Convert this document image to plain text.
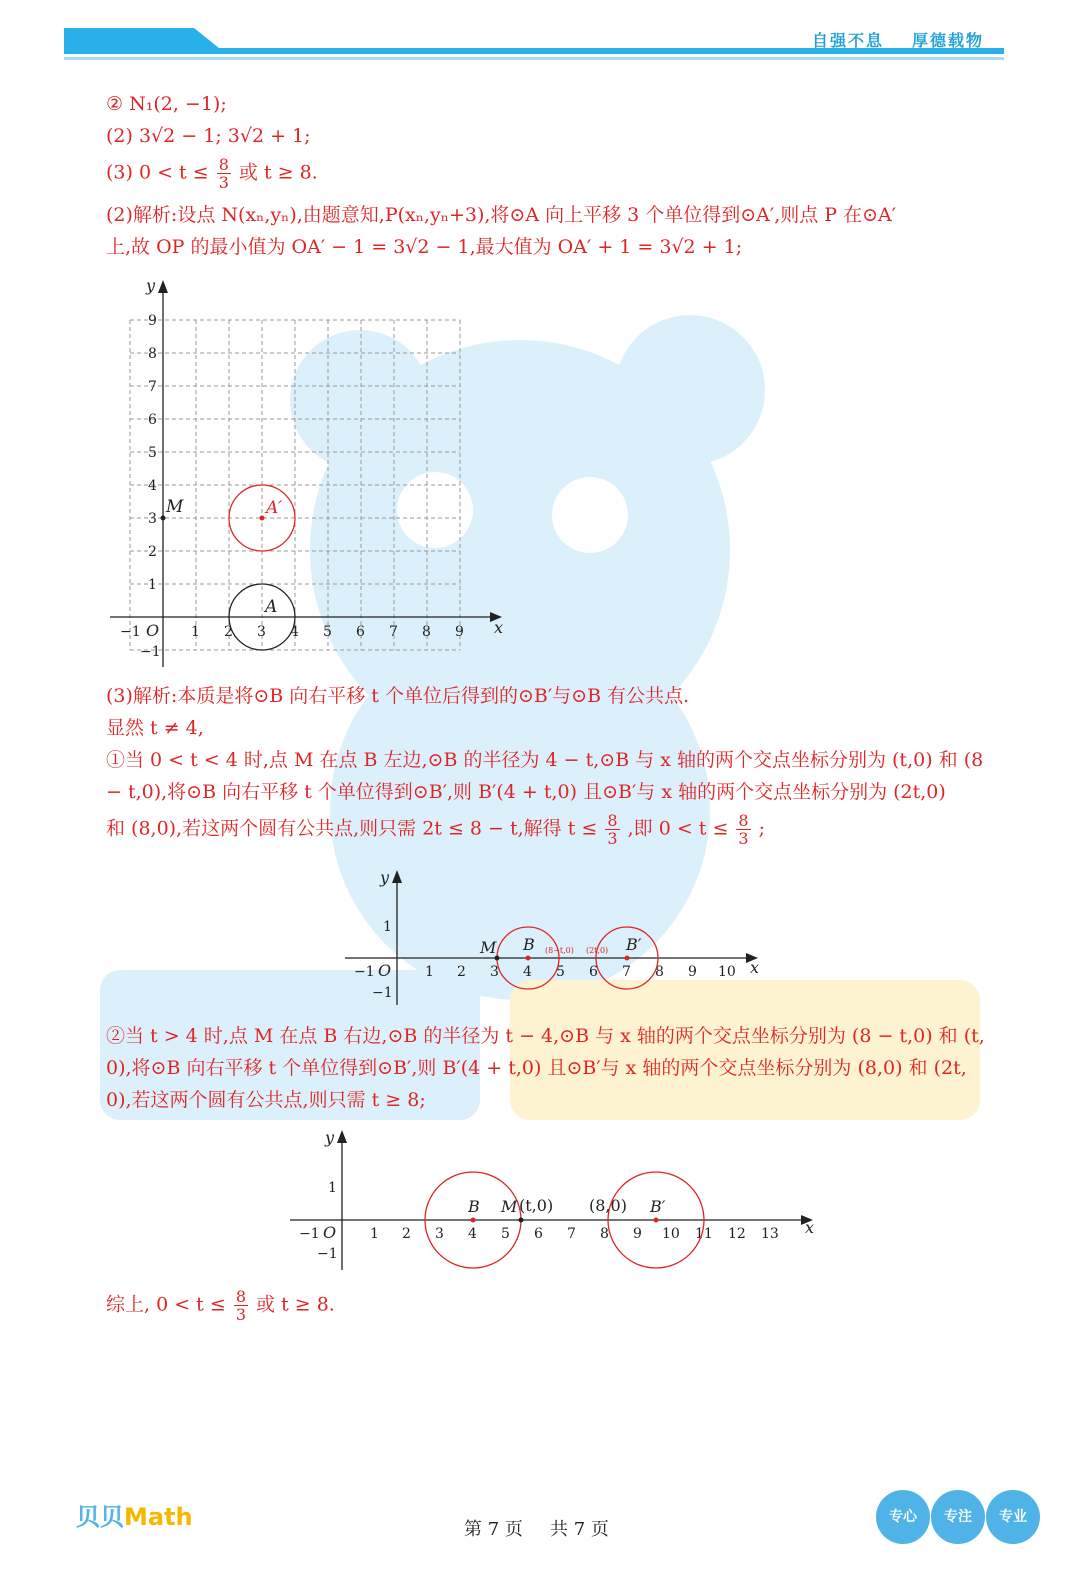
自强不息 厚德载物
② N₁(2, −1);
(2) 3√2 − 1; 3√2 + 1;
(3) $0 < t \le \frac{8}{3}$ 或 t ≥ 8.
(2)解析:设点 N(xₙ,yₙ),由题意知,P(xₙ,yₙ+3),将⊙A 向上平移 3 个单位得到⊙A′,则点 P 在⊙A′
上,故 OP 的最小值为 OA′ − 1 = 3√2 − 1,最大值为 OA′ + 1 = 3√2 + 1;
x
y
O
−1	1 2 3 4 5 6 7 8 9
−1
1
2
3
4
5
6
7
8
9
M
A
A′
(3)解析:本质是将⊙B 向右平移 t 个单位后得到的⊙B′与⊙B 有公共点.
显然 t ≠ 4,
①当 0 < t < 4 时,点 M 在点 B 左边,⊙B 的半径为 4 − t,⊙B 与 x 轴的两个交点坐标分别为 (t,0) 和 (8
− t,0),将⊙B 向右平移 t 个单位得到⊙B′,则 B′(4 + t,0) 且⊙B′与 x 轴的两个交点坐标分别为 (2t,0)
和 (8,0),若这两个圆有公共点,则只需 2t ≤ 8 − t,解得 $t \le \frac{8}{3}$ ,即 $0 < t \le \frac{8}{3}$ ;
x
y
O
−1	1 2 3 4 5 6 7 8 9 10
1
−1
M B	B′
(8−t,0) (2t,0)
②当 t > 4 时,点 M 在点 B 右边,⊙B 的半径为 t − 4,⊙B 与 x 轴的两个交点坐标分别为 (8 − t,0) 和 (t,
0),将⊙B 向右平移 t 个单位得到⊙B′,则 B′(4 + t,0) 且⊙B′与 x 轴的两个交点坐标分别为 (8,0) 和 (2t,
0),若这两个圆有公共点,则只需 t ≥ 8;
x
y
O
−1	1 2 3 4 5 6 7 8 9 10 11 12 13
1
−1
B M (t,0) (8,0) B′
综上, $0 < t \le \frac{8}{3}$ 或 t ≥ 8.
贝贝Math	第 7 页 共 7 页
专心	专注	专业
